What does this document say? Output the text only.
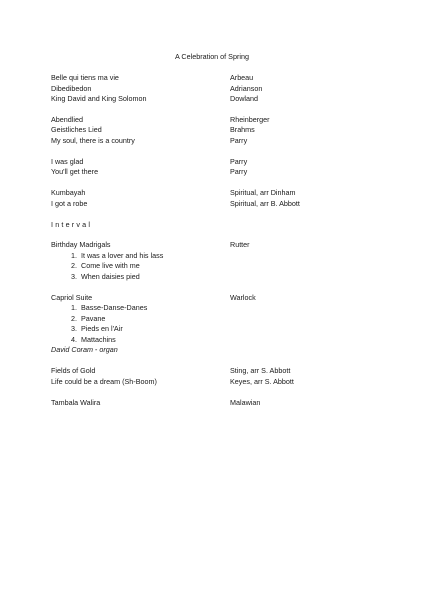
A Celebration of Spring
Belle qui tiens ma vie	Arbeau
Dibedibedon	Adrianson
King David and King Solomon	Dowland
Abendlied	Rheinberger
Geistliches Lied	Brahms
My soul, there is a country	Parry
I was glad	Parry
You'll get there	Parry
Kumbayah	Spiritual, arr Dinham
I got a robe	Spiritual, arr B. Abbott
Interval
Birthday Madrigals	Rutter
1. It was a lover and his lass
2. Come live with me
3. When daisies pied
Capriol Suite	Warlock
1. Basse-Danse-Danes
2. Pavane
3. Pieds en l'Air
4. Mattachins
David Coram - organ
Fields of Gold	Sting, arr S. Abbott
Life could be a dream (Sh-Boom)	Keyes, arr S. Abbott
Tambala Walira	Malawian
